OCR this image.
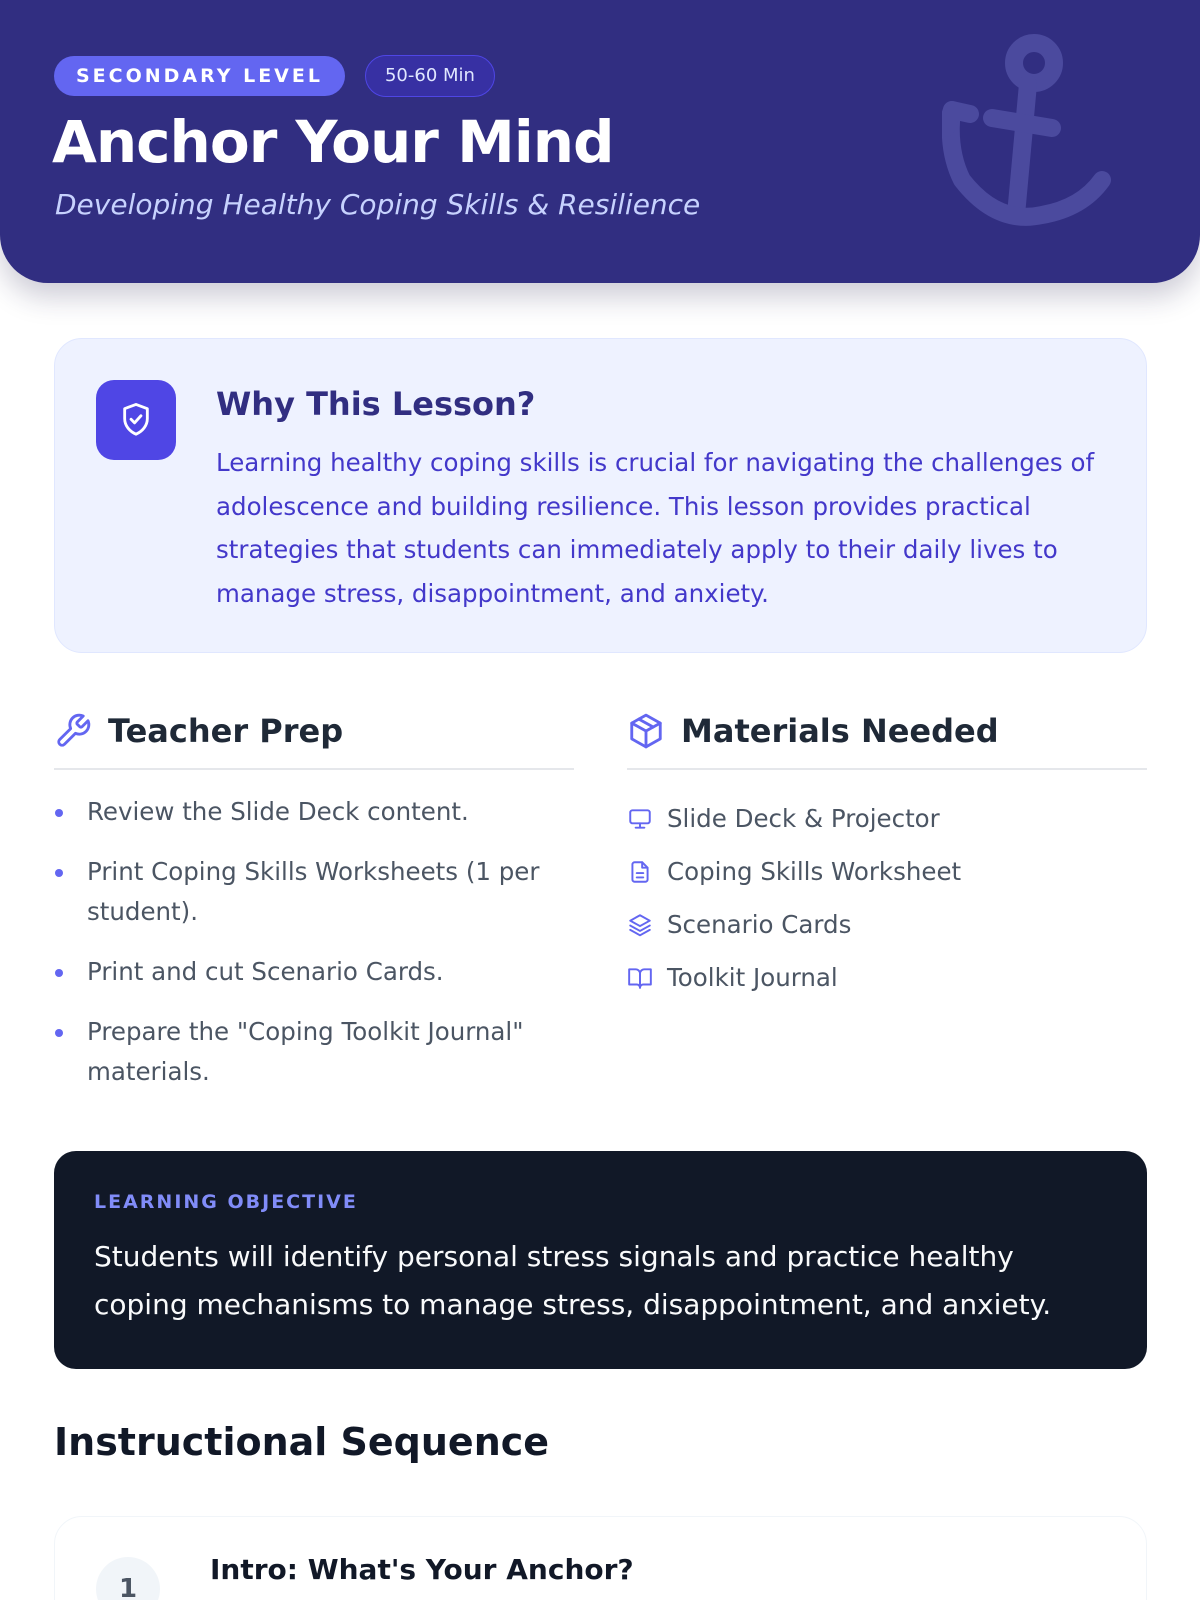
SECONDARY LEVEL	50-60 Min
Anchor Your Mind
Developing Healthy Coping Skills & Resilience
Why This Lesson?

Learning healthy coping skills is crucial for navigating the challenges of adolescence and building resilience. This lesson provides practical strategies that students can immediately apply to their daily lives to manage stress, disappointment, and anxiety.

Teacher Prep
Review the Slide Deck content.
Print Coping Skills Worksheets (1 per student).
Print and cut Scenario Cards.
Prepare the "Coping Toolkit Journal" materials.
Materials Needed
Slide Deck & Projector
Coping Skills Worksheet
Scenario Cards
Toolkit Journal
LEARNING OBJECTIVE

Students will identify personal stress signals and practice healthy coping mechanisms to manage stress, disappointment, and anxiety.

Instructional Sequence
1
Intro: What's Your Anchor?
